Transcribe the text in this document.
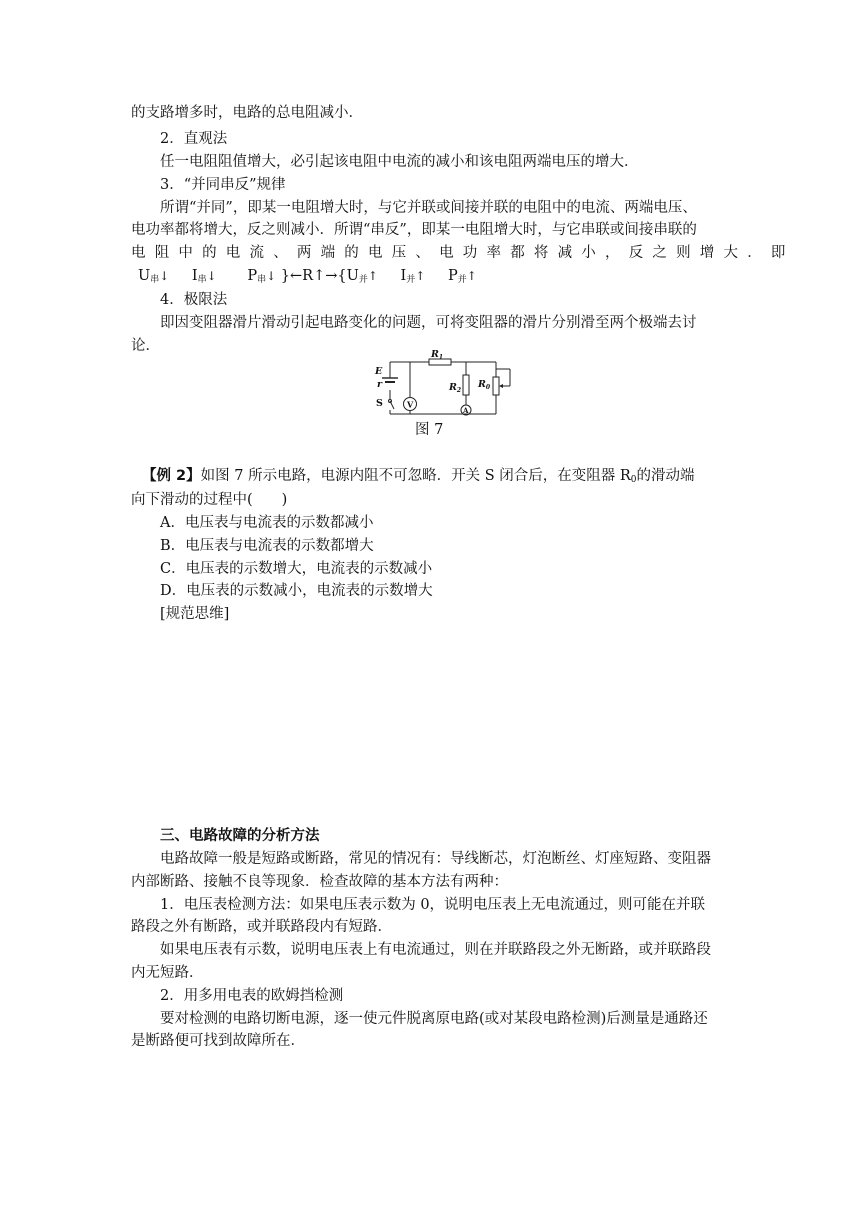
的支路增多时，电路的总电阻减小．
2．直观法
任一电阻阻值增大，必引起该电阻中电流的减小和该电阻两端电压的增大．
3．“并同串反”规律
所谓“并同”，即某一电阻增大时，与它并联或间接并联的电阻中的电流、两端电压、
电功率都将增大，反之则减小．所谓“串反”，即某一电阻增大时，与它串联或间接串联的
电阻中的电流、两端的电压、电功率都将减小，反之则增大．即
$U_串↓$ $I_串↓$ $P_串↓$ }$\leftarrow R↑\to\{U_并↑$ $I_并↑$ $P_并↑$
4．极限法
即因变阻器滑片滑动引起电路变化的问题，可将变阻器的滑片分别滑至两个极端去讨
论．
E
r
S
$R_1$
$R_2$
$R_0$
V
A
图 7
【例 2】如图 7 所示电路，电源内阻不可忽略．开关 S 闭合后，在变阻器 $R_0$的滑动端
向下滑动的过程中(　　)
A．电压表与电流表的示数都减小
B．电压表与电流表的示数都增大
C．电压表的示数增大，电流表的示数减小
D．电压表的示数减小，电流表的示数增大
[规范思维]
三、电路故障的分析方法
电路故障一般是短路或断路，常见的情况有：导线断芯，灯泡断丝、灯座短路、变阻器
内部断路、接触不良等现象．检查故障的基本方法有两种：
1．电压表检测方法：如果电压表示数为 0，说明电压表上无电流通过，则可能在并联
路段之外有断路，或并联路段内有短路．
如果电压表有示数，说明电压表上有电流通过，则在并联路段之外无断路，或并联路段
内无短路．
2．用多用电表的欧姆挡检测
要对检测的电路切断电源，逐一使元件脱离原电路(或对某段电路检测)后测量是通路还
是断路便可找到故障所在．
